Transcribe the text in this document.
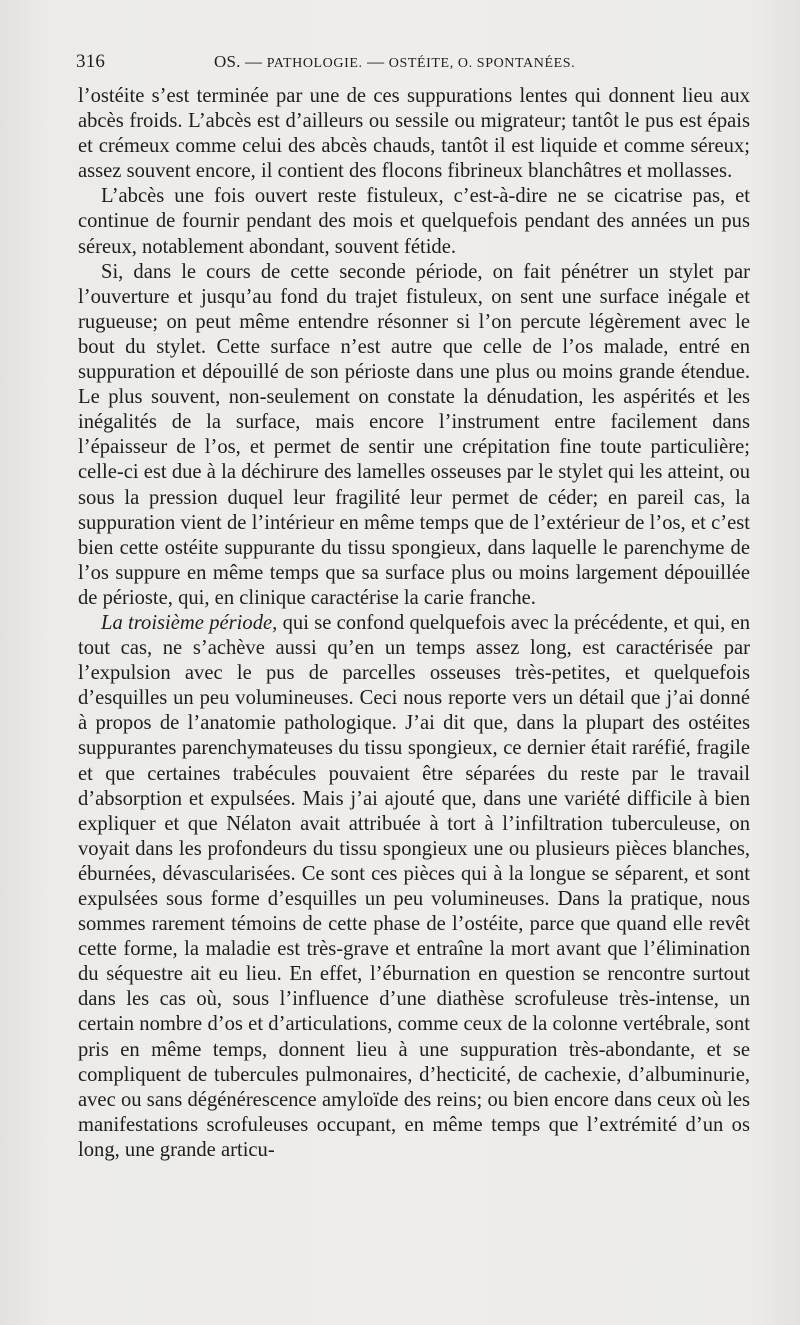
316	OS. — PATHOLOGIE. — OSTÉITE, O. SPONTANÉES.

l’ostéite s’est terminée par une de ces suppurations lentes qui donnent lieu aux abcès froids. L’abcès est d’ailleurs ou sessile ou migrateur; tantôt le pus est épais et crémeux comme celui des abcès chauds, tantôt il est liquide et comme séreux; assez souvent encore, il contient des flocons fibrineux blanchâtres et mollasses.

L’abcès une fois ouvert reste fistuleux, c’est-à-dire ne se cicatrise pas, et continue de fournir pendant des mois et quelquefois pendant des années un pus séreux, notablement abondant, souvent fétide.

Si, dans le cours de cette seconde période, on fait pénétrer un stylet par l’ouverture et jusqu’au fond du trajet fistuleux, on sent une surface inégale et rugueuse; on peut même entendre résonner si l’on percute légèrement avec le bout du stylet. Cette surface n’est autre que celle de l’os malade, entré en suppuration et dépouillé de son périoste dans une plus ou moins grande étendue. Le plus souvent, non-seulement on constate la dénudation, les aspérités et les inégalités de la surface, mais encore l’instrument entre facilement dans l’épaisseur de l’os, et permet de sentir une crépitation fine toute particulière; celle-ci est due à la déchirure des lamelles osseuses par le stylet qui les atteint, ou sous la pression duquel leur fragilité leur permet de céder; en pareil cas, la suppuration vient de l’intérieur en même temps que de l’extérieur de l’os, et c’est bien cette ostéite suppurante du tissu spongieux, dans laquelle le parenchyme de l’os suppure en même temps que sa surface plus ou moins largement dépouillée de périoste, qui, en clinique caractérise la carie franche.

La troisième période, qui se confond quelquefois avec la précédente, et qui, en tout cas, ne s’achève aussi qu’en un temps assez long, est caractérisée par l’expulsion avec le pus de parcelles osseuses très-petites, et quelquefois d’esquilles un peu volumineuses. Ceci nous reporte vers un détail que j’ai donné à propos de l’anatomie pathologique. J’ai dit que, dans la plupart des ostéites suppurantes parenchymateuses du tissu spongieux, ce dernier était raréfié, fragile et que certaines trabécules pouvaient être séparées du reste par le travail d’absorption et expulsées. Mais j’ai ajouté que, dans une variété difficile à bien expliquer et que Nélaton avait attribuée à tort à l’infiltration tuberculeuse, on voyait dans les profondeurs du tissu spongieux une ou plusieurs pièces blanches, éburnées, dévascularisées. Ce sont ces pièces qui à la longue se séparent, et sont expulsées sous forme d’esquilles un peu volumineuses. Dans la pratique, nous sommes rarement témoins de cette phase de l’ostéite, parce que quand elle revêt cette forme, la maladie est très-grave et entraîne la mort avant que l’élimination du séquestre ait eu lieu. En effet, l’éburnation en question se rencontre surtout dans les cas où, sous l’influence d’une diathèse scrofuleuse très-intense, un certain nombre d’os et d’articulations, comme ceux de la colonne vertébrale, sont pris en même temps, donnent lieu à une suppuration très-abondante, et se compliquent de tubercules pulmonaires, d’hecticité, de cachexie, d’albuminurie, avec ou sans dégénérescence amyloïde des reins; ou bien encore dans ceux où les manifestations scrofuleuses occupant, en même temps que l’extrémité d’un os long, une grande articu-
